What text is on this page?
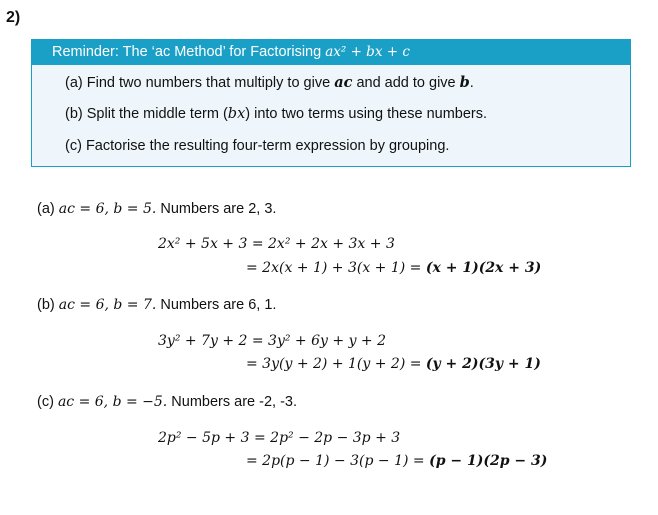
2)
Reminder: The ‘ac Method’ for Factorising ax² + bx + c
(a) Find two numbers that multiply to give ac and add to give b.
(b) Split the middle term (bx) into two terms using these numbers.
(c) Factorise the resulting four-term expression by grouping.
(a) ac = 6, b = 5. Numbers are 2, 3.
2x² + 5x + 3 = 2x² + 2x + 3x + 3
= 2x(x + 1) + 3(x + 1) = (x + 1)(2x + 3)
(b) ac = 6, b = 7. Numbers are 6, 1.
3y² + 7y + 2 = 3y² + 6y + y + 2
= 3y(y + 2) + 1(y + 2) = (y + 2)(3y + 1)
(c) ac = 6, b = −5. Numbers are -2, -3.
2p² − 5p + 3 = 2p² − 2p − 3p + 3
= 2p(p − 1) − 3(p − 1) = (p − 1)(2p − 3)
